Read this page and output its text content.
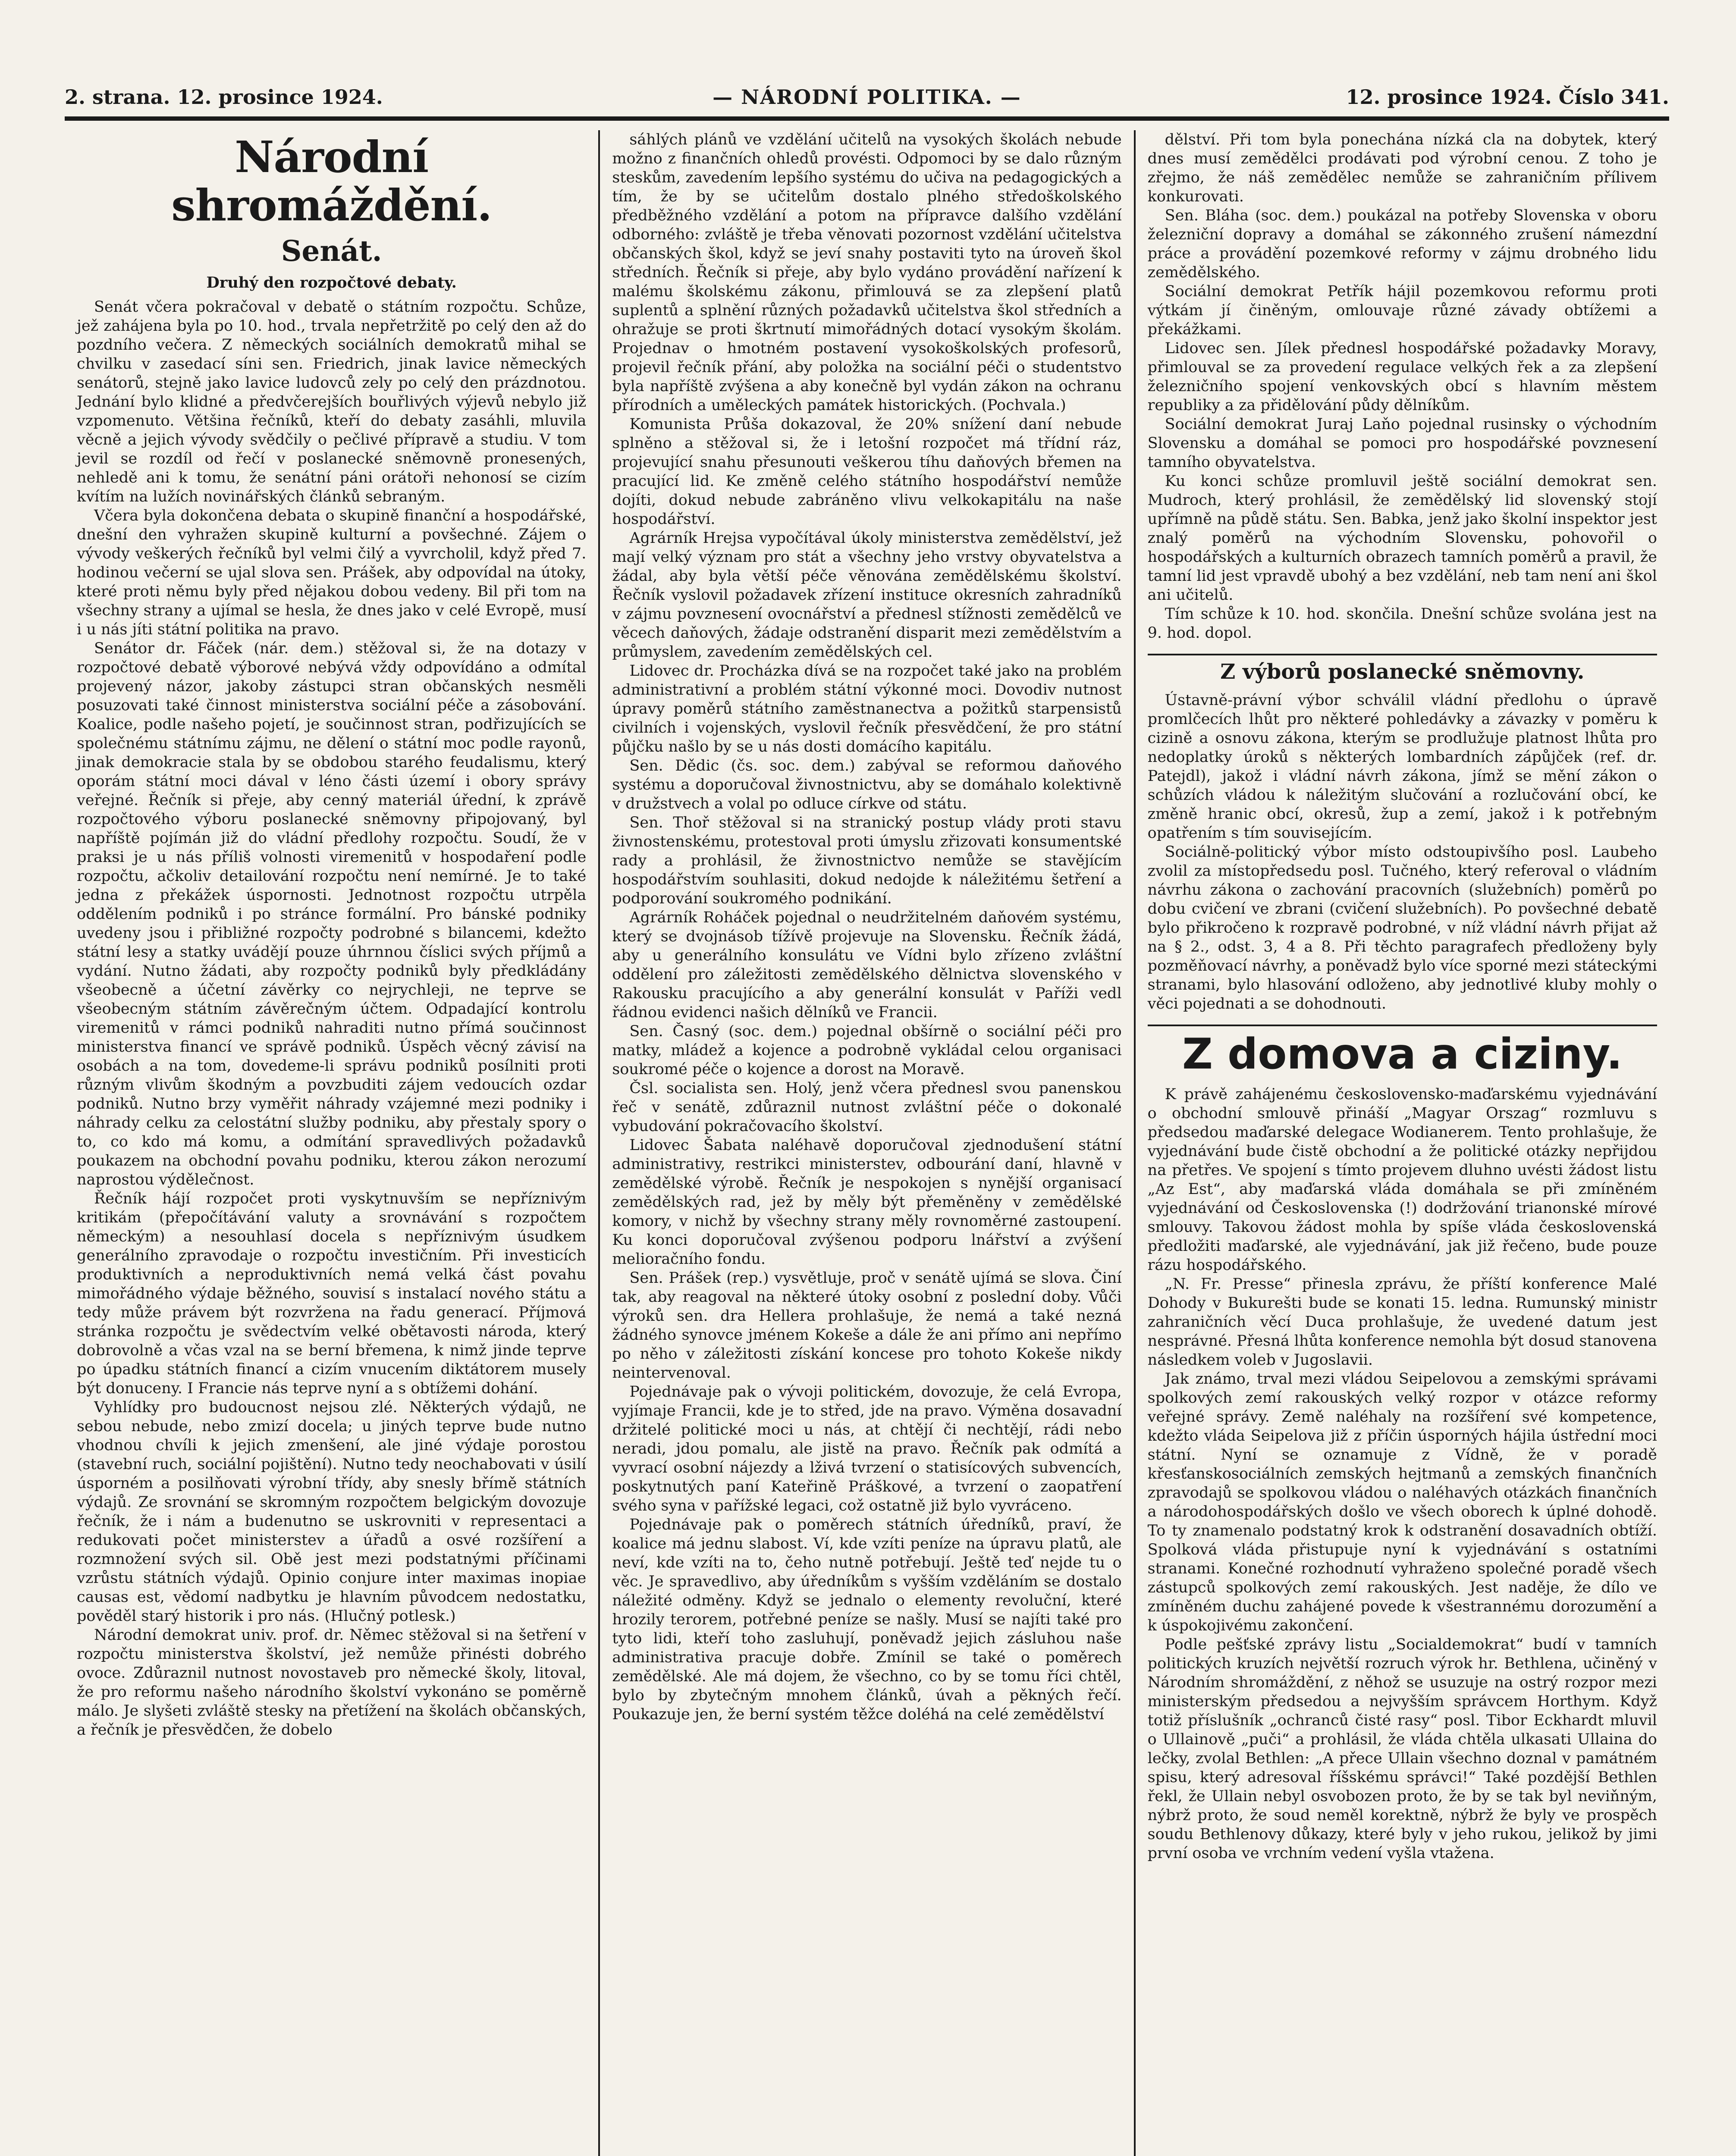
2. strana. 12. prosince 1924.	— NÁRODNÍ POLITIKA. —	12. prosince 1924. Číslo 341.
Národní shromáždění.
Senát.
Druhý den rozpočtové debaty.

Senát včera pokračoval v debatě o státním rozpočtu. Schůze, jež zahájena byla po 10. hod., trvala nepřetržitě po celý den až do pozdního večera. Z německých sociálních demokratů mihal se chvilku v zasedací síni sen. Friedrich, jinak lavice německých senátorů, stejně jako lavice ludovců zely po celý den prázdnotou. Jednání bylo klidné a předvčerejších bouřlivých výjevů nebylo již vzpomenuto. Většina řečníků, kteří do debaty zasáhli, mluvila věcně a jejich vývody svědčily o pečlivé přípravě a studiu. V tom jevil se rozdíl od řečí v poslanecké sněmovně pronesených, nehledě ani k tomu, že senátní páni orátoři nehonosí se cizím kvítím na lužích novinářských článků sebraným.

Včera byla dokončena debata o skupině finanční a hospodářské, dnešní den vyhražen skupině kulturní a povšechné. Zájem o vývody veškerých řečníků byl velmi čilý a vyvrcholil, když před 7. hodinou večerní se ujal slova sen. Prášek, aby odpovídal na útoky, které proti němu byly před nějakou dobou vedeny. Bil při tom na všechny strany a ujímal se hesla, že dnes jako v celé Evropě, musí i u nás jíti státní politika na pravo.

Senátor dr. Fáček (nár. dem.) stěžoval si, že na dotazy v rozpočtové debatě výborové nebývá vždy odpovídáno a odmítal projevený názor, jakoby zástupci stran občanských nesměli posuzovati také činnost ministerstva sociální péče a zásobování. Koalice, podle našeho pojetí, je součinnost stran, podřizujících se společnému státnímu zájmu, ne dělení o státní moc podle rayonů, jinak demokracie stala by se obdobou starého feudalismu, který oporám státní moci dával v léno části území i obory správy veřejné. Řečník si přeje, aby cenný materiál úřední, k zprávě rozpočtového výboru poslanecké sněmovny připojovaný, byl napříště pojímán již do vládní předlohy rozpočtu. Soudí, že v praksi je u nás příliš volnosti viremenitů v hospodaření podle rozpočtu, ačkoliv detailování rozpočtu není nemírné. Je to také jedna z překážek úspornosti. Jednotnost rozpočtu utrpěla oddělením podniků i po stránce formální. Pro bánské podniky uvedeny jsou i přibližné rozpočty podrobné s bilancemi, kdežto státní lesy a statky uvádějí pouze úhrnnou číslici svých příjmů a vydání. Nutno žádati, aby rozpočty podniků byly předkládány všeobecně a účetní závěrky co nejrychleji, ne teprve se všeobecným státním závěrečným účtem. Odpadající kontrolu viremenitů v rámci podniků nahraditi nutno přímá součinnost ministerstva financí ve správě podniků. Úspěch věcný závisí na osobách a na tom, dovedeme-li správu podniků posílniti proti různým vlivům škodným a povzbuditi zájem vedoucích ozdar podniků. Nutno brzy vyměřit náhrady vzájemné mezi podniky i náhrady celku za celostátní služby podniku, aby přestaly spory o to, co kdo má komu, a odmítání spravedlivých požadavků poukazem na obchodní povahu podniku, kterou zákon nerozumí naprostou výdělečnost.

Řečník hájí rozpočet proti vyskytnuvším se nepříznivým kritikám (přepočítávání valuty a srovnávání s rozpočtem německým) a nesouhlasí docela s nepříznivým úsudkem generálního zpravodaje o rozpočtu investičním. Při investicích produktivních a neproduktivních nemá velká část povahu mimořádného výdaje běžného, souvisí s instalací nového státu a tedy může právem být rozvržena na řadu generací. Příjmová stránka rozpočtu je svědectvím velké obětavosti národa, který dobrovolně a včas vzal na se berní břemena, k nimž jinde teprve po úpadku státních financí a cizím vnucením diktátorem musely být donuceny. I Francie nás teprve nyní a s obtížemi dohání.

Vyhlídky pro budoucnost nejsou zlé. Některých výdajů, ne sebou nebude, nebo zmizí docela; u jiných teprve bude nutno vhodnou chvíli k jejich zmenšení, ale jiné výdaje porostou (stavební ruch, sociální pojištění). Nutno tedy neochabovati v úsilí úsporném a posilňovati výrobní třídy, aby snesly břímě státních výdajů. Ze srovnání se skromným rozpočtem belgickým dovozuje řečník, že i nám a budenutno se uskrovniti v representaci a redukovati počet ministerstev a úřadů a osvé rozšíření a rozmnožení svých sil. Obě jest mezi podstatnými příčinami vzrůstu státních výdajů. Opinio conjure inter maximas inopiae causas est, vědomí nadbytku je hlavním původcem nedostatku, pověděl starý historik i pro nás. (Hlučný potlesk.)

Národní demokrat univ. prof. dr. Němec stěžoval si na šetření v rozpočtu ministerstva školství, jež nemůže přinésti dobrého ovoce. Zdůraznil nutnost novostaveb pro německé školy, litoval, že pro reformu našeho národního školství vykonáno se poměrně málo. Je slyšeti zvláště stesky na přetížení na školách občanských, a řečník je přesvědčen, že dobelo

sáhlých plánů ve vzdělání učitelů na vysokých školách nebude možno z finančních ohledů provésti. Odpomoci by se dalo různým steskům, zavedením lepšího systému do učiva na pedagogických a tím, že by se učitelům dostalo plného středoškolského předběžného vzdělání a potom na přípravce dalšího vzdělání odborného: zvláště je třeba věnovati pozornost vzdělání učitelstva občanských škol, když se jeví snahy postaviti tyto na úroveň škol středních. Řečník si přeje, aby bylo vydáno provádění nařízení k malému školskému zákonu, přimlouvá se za zlepšení platů suplentů a splnění různých požadavků učitelstva škol středních a ohražuje se proti škrtnutí mimořádných dotací vysokým školám. Projednav o hmotném postavení vysokoškolských profesorů, projevil řečník přání, aby položka na sociální péči o studentstvo byla napříště zvýšena a aby konečně byl vydán zákon na ochranu přírodních a uměleckých památek historických. (Pochvala.)

Komunista Průša dokazoval, že 20% snížení daní nebude splněno a stěžoval si, že i letošní rozpočet má třídní ráz, projevující snahu přesunouti veškerou tíhu daňových břemen na pracující lid. Ke změně celého státního hospodářství nemůže dojíti, dokud nebude zabráněno vlivu velkokapitálu na naše hospodářství.

Agrárník Hrejsa vypočítával úkoly ministerstva zemědělství, jež mají velký význam pro stát a všechny jeho vrstvy obyvatelstva a žádal, aby byla větší péče věnována zemědělskému školství. Řečník vyslovil požadavek zřízení instituce okresních zahradníků v zájmu povznesení ovocnářství a přednesl stížnosti zemědělců ve věcech daňových, žádaje odstranění disparit mezi zemědělstvím a průmyslem, zavedením zemědělských cel.

Lidovec dr. Procházka dívá se na rozpočet také jako na problém administrativní a problém státní výkonné moci. Dovodiv nutnost úpravy poměrů státního zaměstnanectva a požitků starpensistů civilních i vojenských, vyslovil řečník přesvědčení, že pro státní půjčku našlo by se u nás dosti domácího kapitálu.

Sen. Dědic (čs. soc. dem.) zabýval se reformou daňového systému a doporučoval živnostnictvu, aby se domáhalo kolektivně v družstvech a volal po odluce církve od státu.

Sen. Thoř stěžoval si na stranický postup vlády proti stavu živnostenskému, protestoval proti úmyslu zřizovati konsumentské rady a prohlásil, že živnostnictvo nemůže se stavějícím hospodářstvím souhlasiti, dokud nedojde k náležitému šetření a podporování soukromého podnikání.

Agrárník Roháček pojednal o neudržitelném daňovém systému, který se dvojnásob tížívě projevuje na Slovensku. Řečník žádá, aby u generálního konsulátu ve Vídni bylo zřízeno zvláštní oddělení pro záležitosti zemědělského dělnictva slovenského v Rakousku pracujícího a aby generální konsulát v Paříži vedl řádnou evidenci našich dělníků ve Francii.

Sen. Časný (soc. dem.) pojednal obšírně o sociální péči pro matky, mládež a kojence a podrobně vykládal celou organisaci soukromé péče o kojence a dorost na Moravě.

Čsl. socialista sen. Holý, jenž včera přednesl svou panenskou řeč v senátě, zdůraznil nutnost zvláštní péče o dokonalé vybudování pokračovacího školství.

Lidovec Šabata naléhavě doporučoval zjednodušení státní administrativy, restrikci ministerstev, odbourání daní, hlavně v zemědělské výrobě. Řečník je nespokojen s nynější organisací zemědělských rad, jež by měly být přeměněny v zemědělské komory, v nichž by všechny strany měly rovnoměrné zastoupení. Ku konci doporučoval zvýšenou podporu lnářství a zvýšení melioračního fondu.

Sen. Prášek (rep.) vysvětluje, proč v senátě ujímá se slova. Činí tak, aby reagoval na některé útoky osobní z poslední doby. Vůči výroků sen. dra Hellera prohlašuje, že nemá a také nezná žádného synovce jménem Kokeše a dále že ani přímo ani nepřímo po něho v záležitosti získání koncese pro tohoto Kokeše nikdy neintervenoval.

Pojednávaje pak o vývoji politickém, dovozuje, že celá Evropa, vyjímaje Francii, kde je to střed, jde na pravo. Výměna dosavadní držitelé politické moci u nás, at chtějí či nechtějí, rádi nebo neradi, jdou pomalu, ale jistě na pravo. Řečník pak odmítá a vyvrací osobní nájezdy a lživá tvrzení o statisícových subvencích, poskytnutých paní Kateřině Práškové, a tvrzení o zaopatření svého syna v pařížské legaci, což ostatně již bylo vyvráceno.

Pojednávaje pak o poměrech státních úředníků, praví, že koalice má jednu slabost. Ví, kde vzíti peníze na úpravu platů, ale neví, kde vzíti na to, čeho nutně potřebují. Ještě teď nejde tu o věc. Je spravedlivo, aby úředníkům s vyšším vzděláním se dostalo náležité odměny. Když se jednalo o elementy revoluční, které hrozily terorem, potřebné peníze se našly. Musí se najíti také pro tyto lidi, kteří toho zasluhují, poněvadž jejich zásluhou naše administrativa pracuje dobře. Zmínil se také o poměrech zemědělské. Ale má dojem, že všechno, co by se tomu říci chtěl, bylo by zbytečným mnohem článků, úvah a pěkných řečí. Poukazuje jen, že berní systém těžce doléhá na celé zemědělství

dělství. Při tom byla ponechána nízká cla na dobytek, který dnes musí zemědělci prodávati pod výrobní cenou. Z toho je zřejmo, že náš zemědělec nemůže se zahraničním přílivem konkurovati.

Sen. Bláha (soc. dem.) poukázal na potřeby Slovenska v oboru železniční dopravy a domáhal se zákonného zrušení námezdní práce a provádění pozemkové reformy v zájmu drobného lidu zemědělského.

Sociální demokrat Petřík hájil pozemkovou reformu proti výtkám jí činěným, omlouvaje různé závady obtížemi a překážkami.

Lidovec sen. Jílek přednesl hospodářské požadavky Moravy, přimlouval se za provedení regulace velkých řek a za zlepšení železničního spojení venkovských obcí s hlavním městem republiky a za přidělování půdy dělníkům.

Sociální demokrat Juraj Laňo pojednal rusinsky o východním Slovensku a domáhal se pomoci pro hospodářské povznesení tamního obyvatelstva.

Ku konci schůze promluvil ještě sociální demokrat sen. Mudroch, který prohlásil, že zemědělský lid slovenský stojí upřímně na půdě státu. Sen. Babka, jenž jako školní inspektor jest znalý poměrů na východním Slovensku, pohovořil o hospodářských a kulturních obrazech tamních poměrů a pravil, že tamní lid jest vpravdě ubohý a bez vzdělání, neb tam není ani škol ani učitelů.

Tím schůze k 10. hod. skončila. Dnešní schůze svolána jest na 9. hod. dopol.

Z výborů poslanecké sněmovny.

Ústavně-právní výbor schválil vládní předlohu o úpravě promlčecích lhůt pro některé pohledávky a závazky v poměru k cizině a osnovu zákona, kterým se prodlužuje platnost lhůta pro nedoplatky úroků s některých lombardních zápůjček (ref. dr. Patejdl), jakož i vládní návrh zákona, jímž se mění zákon o schůzích vládou k náležitým slučování a rozlučování obcí, ke změně hranic obcí, okresů, žup a zemí, jakož i k potřebným opatřením s tím souvisejícím.

Sociálně-politický výbor místo odstoupivšího posl. Laubeho zvolil za místopředsedu posl. Tučného, který referoval o vládním návrhu zákona o zachování pracovních (služebních) poměrů po dobu cvičení ve zbrani (cvičení služebních). Po povšechné debatě bylo přikročeno k rozpravě podrobné, v níž vládní návrh přijat až na § 2., odst. 3, 4 a 8. Při těchto paragrafech předloženy byly pozměňovací návrhy, a poněvadž bylo více sporné mezi státeckými stranami, bylo hlasování odloženo, aby jednotlivé kluby mohly o věci pojednati a se dohodnouti.

Z domova a ciziny.

K právě zahájenému československo-maďarskému vyjednávání o obchodní smlouvě přináší „Magyar Orszag“ rozmluvu s předsedou maďarské delegace Wodianerem. Tento prohlašuje, že vyjednávání bude čistě obchodní a že politické otázky nepřijdou na přetřes. Ve spojení s tímto projevem dluhno uvésti žádost listu „Az Est“, aby maďarská vláda domáhala se při zmíněném vyjednávání od Československa (!) dodržování trianonské mírové smlouvy. Takovou žádost mohla by spíše vláda československá předložiti maďarské, ale vyjednávání, jak již řečeno, bude pouze rázu hospodářského.

„N. Fr. Presse“ přinesla zprávu, že příští konference Malé Dohody v Bukurešti bude se konati 15. ledna. Rumunský ministr zahraničních věcí Duca prohlašuje, že uvedené datum jest nesprávné. Přesná lhůta konference nemohla být dosud stanovena následkem voleb v Jugoslavii.

Jak známo, trval mezi vládou Seipelovou a zemskými správami spolkových zemí rakouských velký rozpor v otázce reformy veřejné správy. Země naléhaly na rozšíření své kompetence, kdežto vláda Seipelova již z příčin úsporných hájila ústřední moci státní. Nyní se oznamuje z Vídně, že v poradě křesťanskosociálních zemských hejtmanů a zemských finančních zpravodajů se spolkovou vládou o naléhavých otázkách finančních a národohospodářských došlo ve všech oborech k úplné dohodě. To ty znamenalo podstatný krok k odstranění dosavadních obtíží. Spolková vláda přistupuje nyní k vyjednávání s ostatními stranami. Konečné rozhodnutí vyhraženo společné poradě všech zástupců spolkových zemí rakouských. Jest naděje, že dílo ve zmíněném duchu zahájené povede k všestrannému dorozumění a k úspokojivému zakončení.

Podle pešťské zprávy listu „Socialdemokrat“ budí v tamních politických kruzích největší rozruch výrok hr. Bethlena, učiněný v Národním shromáždění, z něhož se usuzuje na ostrý rozpor mezi ministerským předsedou a nejvyšším správcem Horthym. Když totiž příslušník „ochranců čisté rasy“ posl. Tibor Eckhardt mluvil o Ullainově „puči“ a prohlásil, že vláda chtěla ulkasati Ullaina do lečky, zvolal Bethlen: „A přece Ullain všechno doznal v památném spisu, který adresoval říšskému správci!“ Také pozdější Bethlen řekl, že Ullain nebyl osvobozen proto, že by se tak byl neviňným, nýbrž proto, že soud neměl korektně, nýbrž že byly ve prospěch soudu Bethlenovy důkazy, které byly v jeho rukou, jelikož by jimi první osoba ve vrchním vedení vyšla vtažena.
